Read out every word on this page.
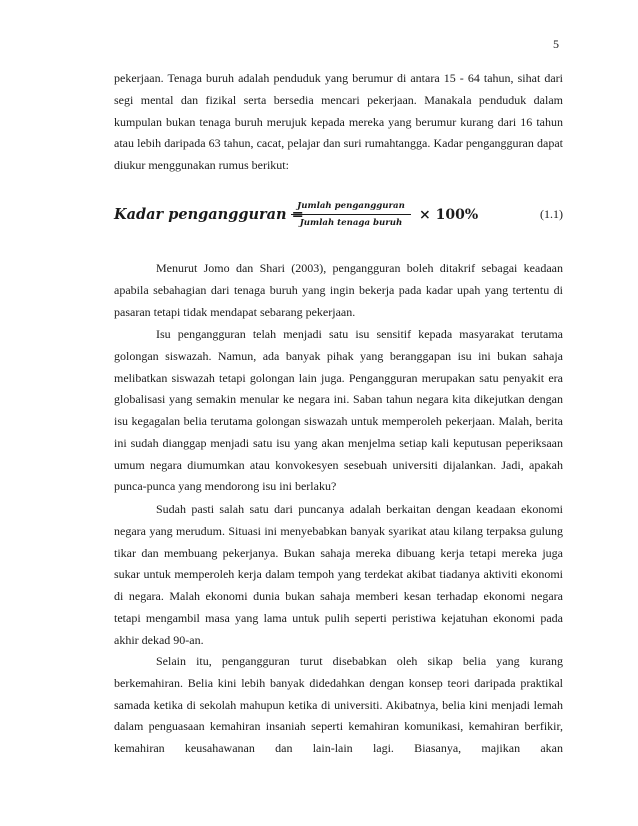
5

pekerjaan. Tenaga buruh adalah penduduk yang berumur di antara 15 - 64 tahun, sihat dari segi mental dan fizikal serta bersedia mencari pekerjaan. Manakala penduduk dalam kumpulan bukan tenaga buruh merujuk kepada mereka yang berumur kurang dari 16 tahun atau lebih daripada 63 tahun, cacat, pelajar dan suri rumahtangga. Kadar pengangguran dapat diukur menggunakan rumus berikut:

Kadar pengangguran =
Jumlah pengangguran
Jumlah tenaga buruh	× 100%	(1.1)

Menurut Jomo dan Shari (2003), pengangguran boleh ditakrif sebagai keadaan apabila sebahagian dari tenaga buruh yang ingin bekerja pada kadar upah yang tertentu di pasaran tetapi tidak mendapat sebarang pekerjaan.

Isu pengangguran telah menjadi satu isu sensitif kepada masyarakat terutama golongan siswazah. Namun, ada banyak pihak yang beranggapan isu ini bukan sahaja melibatkan siswazah tetapi golongan lain juga. Pengangguran merupakan satu penyakit era globalisasi yang semakin menular ke negara ini. Saban tahun negara kita dikejutkan dengan isu kegagalan belia terutama golongan siswazah untuk memperoleh pekerjaan. Malah, berita ini sudah dianggap menjadi satu isu yang akan menjelma setiap kali keputusan peperiksaan umum negara diumumkan atau konvokesyen sesebuah universiti dijalankan. Jadi, apakah punca-punca yang mendorong isu ini berlaku?

Sudah pasti salah satu dari puncanya adalah berkaitan dengan keadaan ekonomi negara yang merudum. Situasi ini menyebabkan banyak syarikat atau kilang terpaksa gulung tikar dan membuang pekerjanya. Bukan sahaja mereka dibuang kerja tetapi mereka juga sukar untuk memperoleh kerja dalam tempoh yang terdekat akibat tiadanya aktiviti ekonomi di negara. Malah ekonomi dunia bukan sahaja memberi kesan terhadap ekonomi negara tetapi mengambil masa yang lama untuk pulih seperti peristiwa kejatuhan ekonomi pada akhir dekad 90-an.

Selain itu, pengangguran turut disebabkan oleh sikap belia yang kurang berkemahiran. Belia kini lebih banyak didedahkan dengan konsep teori daripada praktikal samada ketika di sekolah mahupun ketika di universiti. Akibatnya, belia kini menjadi lemah dalam penguasaan kemahiran insaniah seperti kemahiran komunikasi, kemahiran berfikir, kemahiran keusahawanan dan lain-lain lagi. Biasanya, majikan akan
